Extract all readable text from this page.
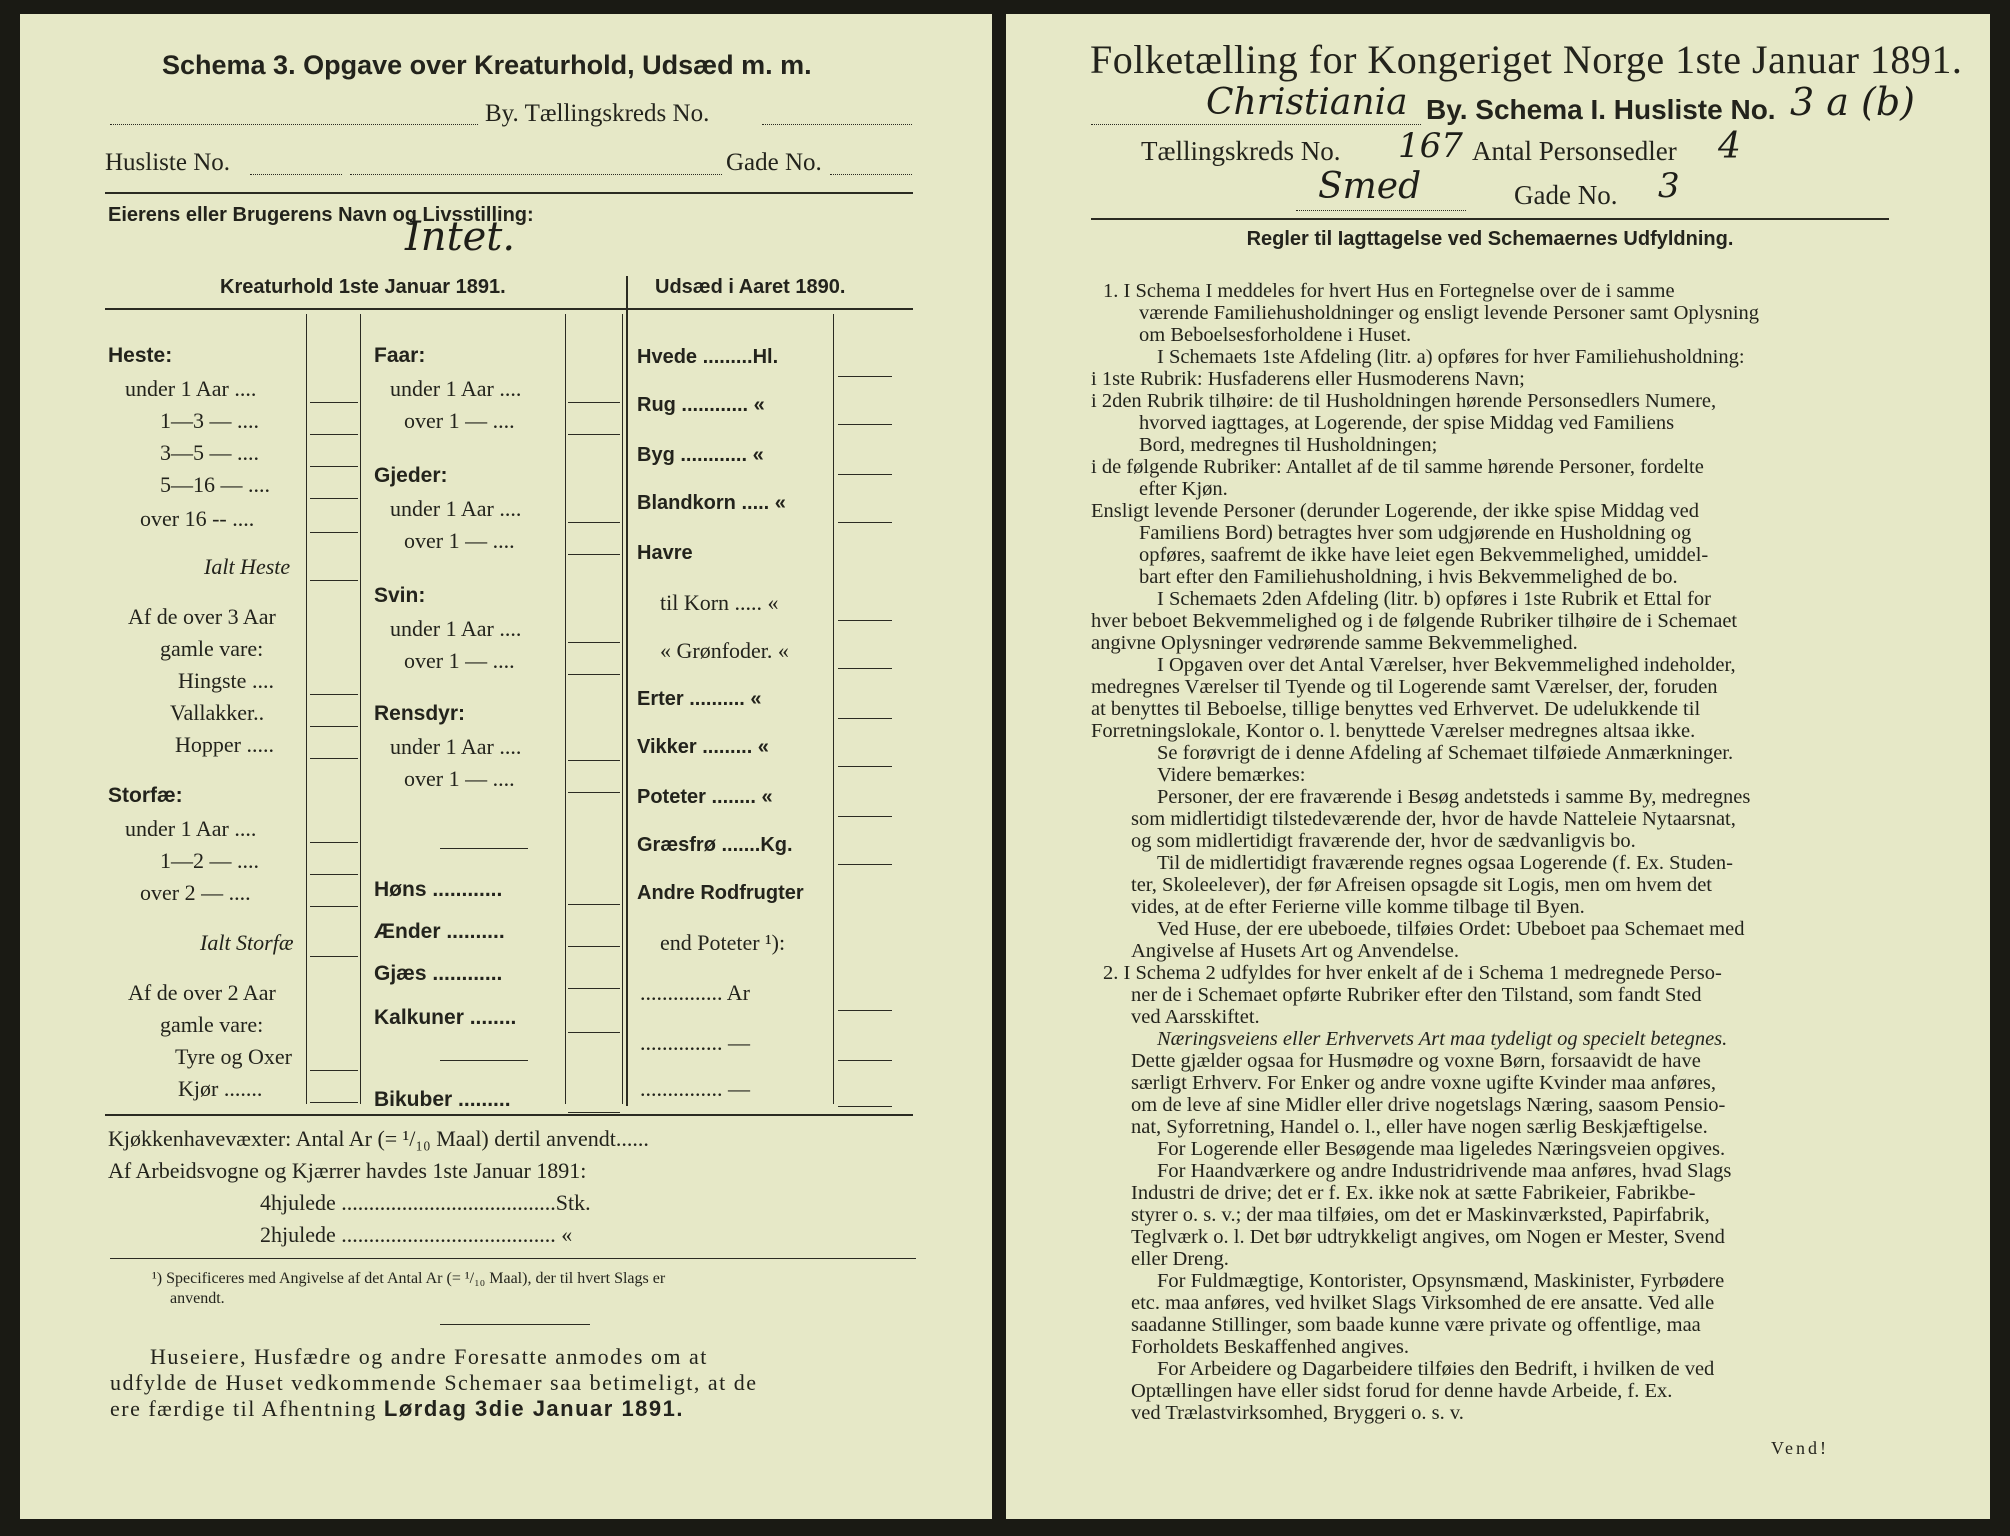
Schema 3. Opgave over Kreaturhold, Udsæd m. m.
By. Tællingskreds No.
Husliste No.	Gade No.
Eierens eller Brugerens Navn og Livsstilling:
Intet.
Kreaturhold 1ste Januar 1891.	Udsæd i Aaret 1890.
Heste:
under 1 Aar ....
1—3 — ....
3—5 — ....
5—16 — ....
over 16 -- ....
Ialt Heste
Af de over 3 Aar
gamle vare:
Hingste ....
Vallakker..
Hopper .....
Storfæ:
under 1 Aar ....
1—2 — ....
over 2 — ....
Ialt Storfæ
Af de over 2 Aar
gamle vare:
Tyre og Oxer
Kjør .......
Faar:
under 1 Aar ....
over 1 — ....
Gjeder:
under 1 Aar ....
over 1 — ....
Svin:
under 1 Aar ....
over 1 — ....
Rensdyr:
under 1 Aar ....
over 1 — ....
Høns ............
Ænder ..........
Gjæs ............
Kalkuner ........
Bikuber .........
Hvede .........Hl.
Rug ............ «
Byg ............ «
Blandkorn ..... «
Havre
til Korn ..... «
« Grønfoder. «
Erter .......... «
Vikker ......... «
Poteter ........ «
Græsfrø .......Kg.
Andre Rodfrugter
end Poteter ¹):
............... Ar
............... —
............... —
Kjøkkenhavevæxter: Antal Ar (= ¹/₁₀ Maal) dertil anvendt......
Af Arbeidsvogne og Kjærrer havdes 1ste Januar 1891:
4hjulede .......................................Stk.
2hjulede ....................................... «
¹) Specificeres med Angivelse af det Antal Ar (= ¹/₁₀ Maal), der til hvert Slags er
anvendt.
Huseiere, Husfædre og andre Foresatte anmodes om at
udfylde de Huset vedkommende Schemaer saa betimeligt, at de
ere færdige til Afhentning Lørdag 3die Januar 1891.
Folketælling for Kongeriget Norge 1ste Januar 1891.
Christiania By. Schema I. Husliste No. 3 a (b)
Tællingskreds No. 167 Antal Personsedler 4
Smed	Gade No. 3
Regler til Iagttagelse ved Schemaernes Udfyldning.
1. I Schema I meddeles for hvert Hus en Fortegnelse over de i samme
værende Familiehusholdninger og ensligt levende Personer samt Oplysning
om Beboelsesforholdene i Huset.
I Schemaets 1ste Afdeling (litr. a) opføres for hver Familiehusholdning:
i 1ste Rubrik: Husfaderens eller Husmoderens Navn;
i 2den Rubrik tilhøire: de til Husholdningen hørende Personsedlers Numere,
hvorved iagttages, at Logerende, der spise Middag ved Familiens
Bord, medregnes til Husholdningen;
i de følgende Rubriker: Antallet af de til samme hørende Personer, fordelte
efter Kjøn.
Ensligt levende Personer (derunder Logerende, der ikke spise Middag ved
Familiens Bord) betragtes hver som udgjørende en Husholdning og
opføres, saafremt de ikke have leiet egen Bekvemmelighed, umiddel-
bart efter den Familiehusholdning, i hvis Bekvemmelighed de bo.
I Schemaets 2den Afdeling (litr. b) opføres i 1ste Rubrik et Ettal for
hver beboet Bekvemmelighed og i de følgende Rubriker tilhøire de i Schemaet
angivne Oplysninger vedrørende samme Bekvemmelighed.
I Opgaven over det Antal Værelser, hver Bekvemmelighed indeholder,
medregnes Værelser til Tyende og til Logerende samt Værelser, der, foruden
at benyttes til Beboelse, tillige benyttes ved Erhvervet. De udelukkende til
Forretningslokale, Kontor o. l. benyttede Værelser medregnes altsaa ikke.
Se forøvrigt de i denne Afdeling af Schemaet tilføiede Anmærkninger.
Videre bemærkes:
Personer, der ere fraværende i Besøg andetsteds i samme By, medregnes
som midlertidigt tilstedeværende der, hvor de havde Natteleie Nytaarsnat,
og som midlertidigt fraværende der, hvor de sædvanligvis bo.
Til de midlertidigt fraværende regnes ogsaa Logerende (f. Ex. Studen-
ter, Skoleelever), der før Afreisen opsagde sit Logis, men om hvem det
vides, at de efter Ferierne ville komme tilbage til Byen.
Ved Huse, der ere ubeboede, tilføies Ordet: Ubeboet paa Schemaet med
Angivelse af Husets Art og Anvendelse.
2. I Schema 2 udfyldes for hver enkelt af de i Schema 1 medregnede Perso-
ner de i Schemaet opførte Rubriker efter den Tilstand, som fandt Sted
ved Aarsskiftet.
Næringsveiens eller Erhvervets Art maa tydeligt og specielt betegnes.
Dette gjælder ogsaa for Husmødre og voxne Børn, forsaavidt de have
særligt Erhverv. For Enker og andre voxne ugifte Kvinder maa anføres,
om de leve af sine Midler eller drive nogetslags Næring, saasom Pensio-
nat, Syforretning, Handel o. l., eller have nogen særlig Beskjæftigelse.
For Logerende eller Besøgende maa ligeledes Næringsveien opgives.
For Haandværkere og andre Industridrivende maa anføres, hvad Slags
Industri de drive; det er f. Ex. ikke nok at sætte Fabrikeier, Fabrikbe-
styrer o. s. v.; der maa tilføies, om det er Maskinværksted, Papirfabrik,
Teglværk o. l. Det bør udtrykkeligt angives, om Nogen er Mester, Svend
eller Dreng.
For Fuldmægtige, Kontorister, Opsynsmænd, Maskinister, Fyrbødere
etc. maa anføres, ved hvilket Slags Virksomhed de ere ansatte. Ved alle
saadanne Stillinger, som baade kunne være private og offentlige, maa
Forholdets Beskaffenhed angives.
For Arbeidere og Dagarbeidere tilføies den Bedrift, i hvilken de ved
Optællingen have eller sidst forud for denne havde Arbeide, f. Ex.
ved Trælastvirksomhed, Bryggeri o. s. v.
Vend!
